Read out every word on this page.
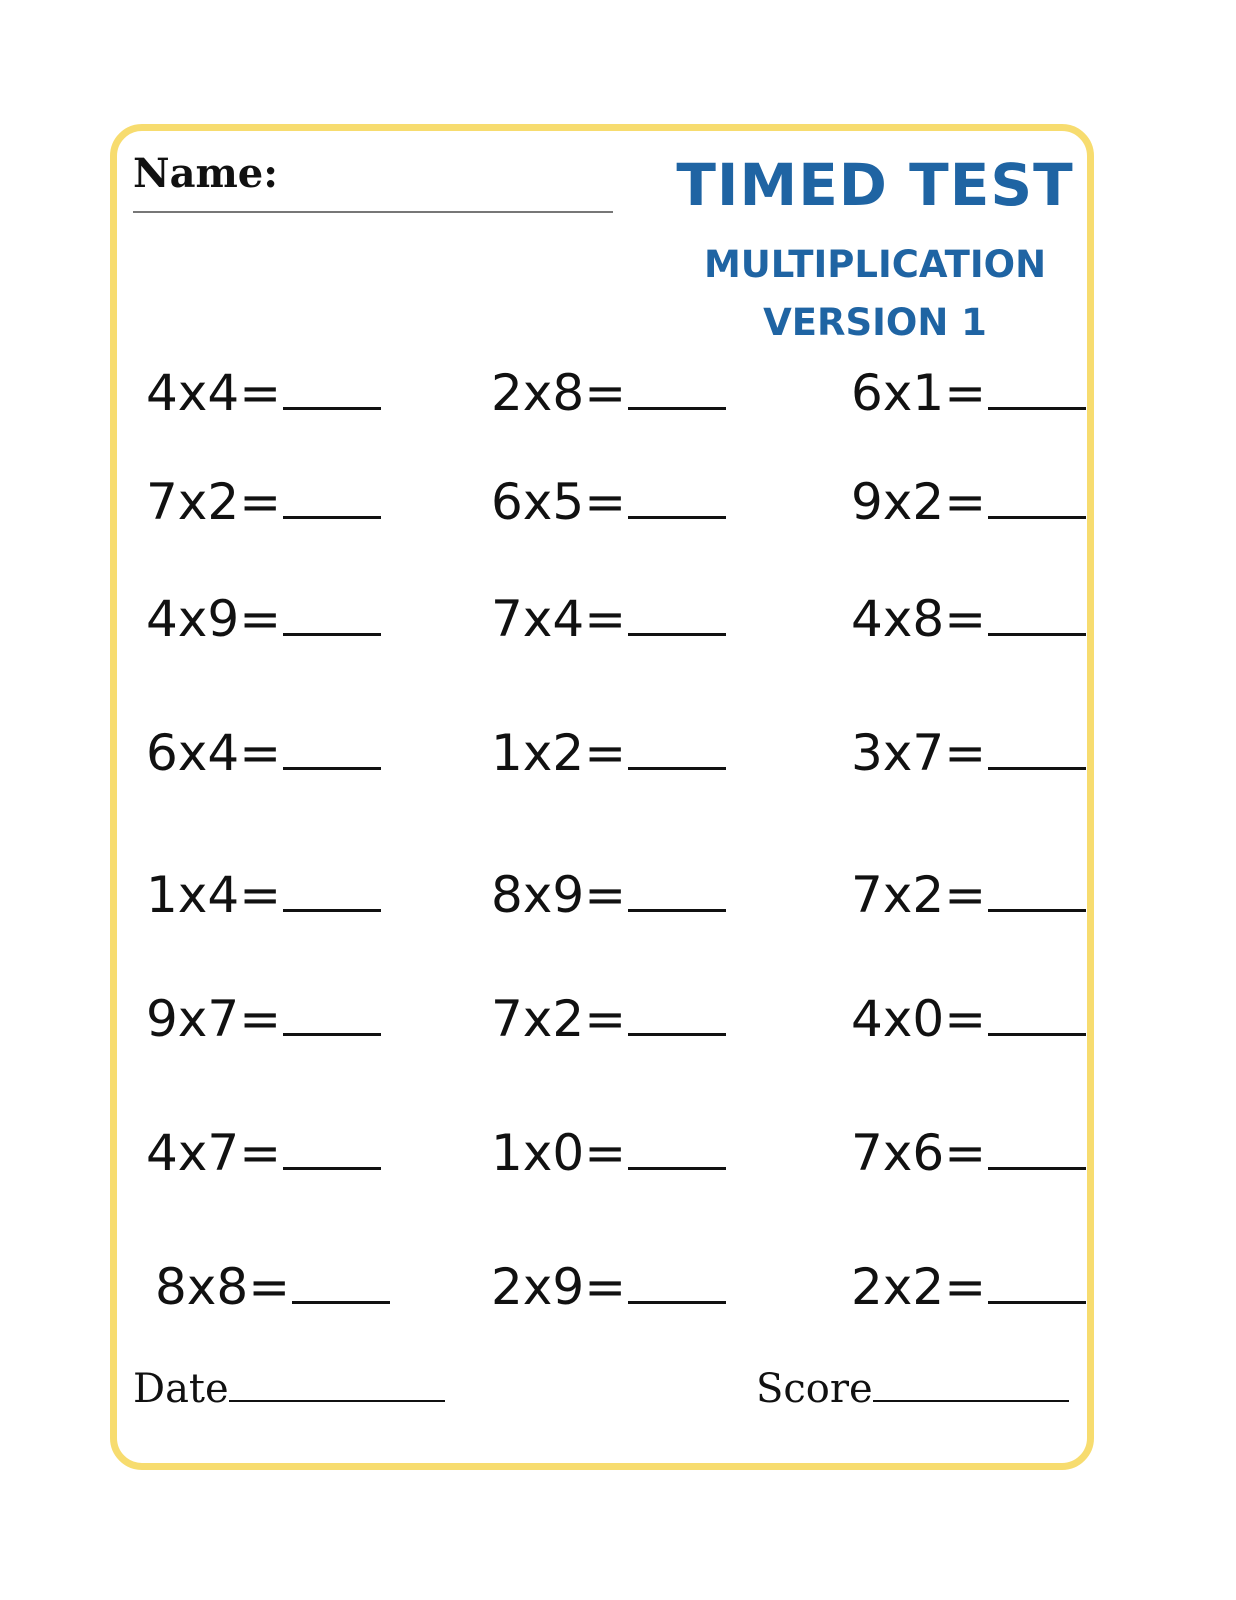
Name:	TIMED TEST
MULTIPLICATION
VERSION 1
4x4=	2x8=	6x1=
7x2=	6x5=	9x2=
4x9=	7x4=	4x8=
6x4=	1x2=	3x7=
1x4=	8x9=	7x2=
9x7=	7x2=	4x0=
4x7=	1x0=	7x6=
8x8=	2x9=	2x2=
Date	Score
